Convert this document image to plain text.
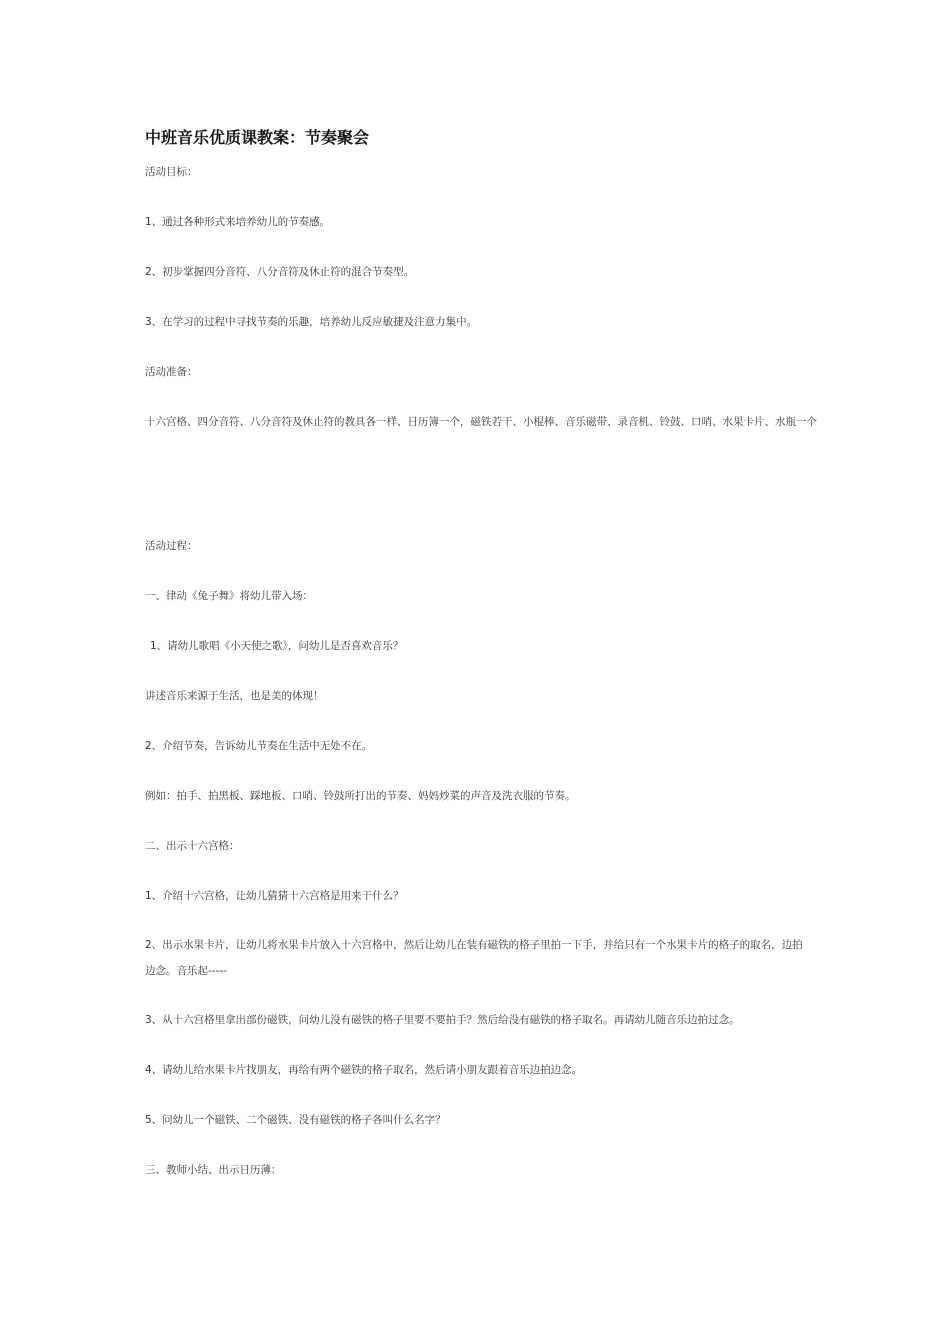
中班音乐优质课教案：节奏聚会

活动目标：

1、通过各种形式来培养幼儿的节奏感。

2、初步掌握四分音符、八分音符及休止符的混合节奏型。

3、在学习的过程中寻找节奏的乐趣，培养幼儿反应敏捷及注意力集中。

活动准备：

十六宫格、四分音符、八分音符及休止符的教具各一样、日历簿一个，磁铁若干、小棍棒、音乐磁带、录音机、铃鼓、口哨、水果卡片、水瓶一个

活动过程：

一、律动《兔子舞》将幼儿带入场：

1、请幼儿歌唱《小天使之歌》，问幼儿是否喜欢音乐？

讲述音乐来源于生活，也是美的体现！

2、介绍节奏，告诉幼儿节奏在生活中无处不在。

例如：拍手、拍黑板、踩地板、口哨、铃鼓所打出的节奏、妈妈炒菜的声音及洗衣服的节奏。

二、出示十六宫格：

1、介绍十六宫格，让幼儿猜猜十六宫格是用来干什么？

2、出示水果卡片，让幼儿将水果卡片放入十六宫格中，然后让幼儿在装有磁铁的格子里拍一下手，并给只有一个水果卡片的格子的取名，边拍边念。音乐起-----

3、从十六宫格里拿出部份磁铁，问幼儿没有磁铁的格子里要不要拍手？然后给没有磁铁的格子取名。再请幼儿随音乐边拍过念。

4、请幼儿给水果卡片找朋友，再给有两个磁铁的格子取名，然后请小朋友跟着音乐边拍边念。

5、问幼儿一个磁铁、二个磁铁、没有磁铁的格子各叫什么名字？

三、教师小结、出示日历薄：
